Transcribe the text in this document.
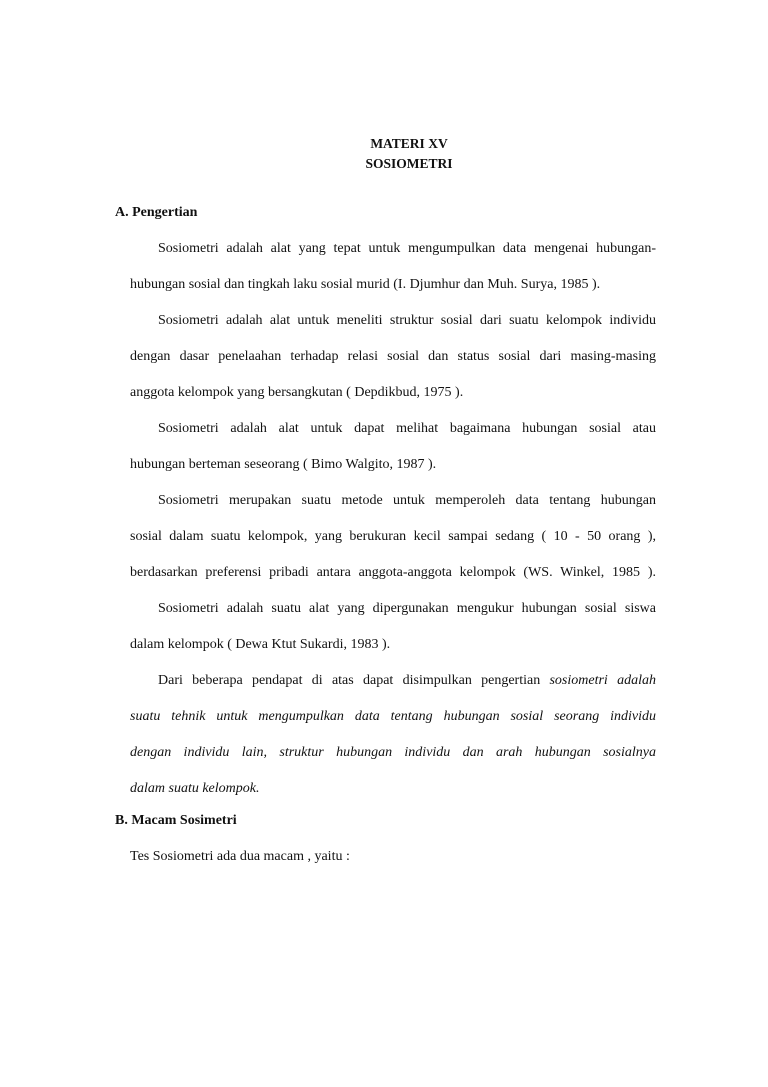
MATERI XV
SOSIOMETRI
A. Pengertian
Sosiometri adalah alat yang tepat untuk mengumpulkan data mengenai hubungan-
hubungan sosial dan tingkah laku sosial murid (I. Djumhur dan Muh. Surya, 1985 ).
Sosiometri adalah alat untuk meneliti struktur sosial dari suatu kelompok individu
dengan dasar penelaahan terhadap relasi sosial dan status sosial dari masing-masing
anggota kelompok yang bersangkutan ( Depdikbud, 1975 ).
Sosiometri adalah alat untuk dapat melihat bagaimana hubungan sosial atau
hubungan berteman seseorang ( Bimo Walgito, 1987 ).
Sosiometri merupakan suatu metode untuk memperoleh data tentang hubungan
sosial dalam suatu kelompok, yang berukuran kecil sampai sedang ( 10 - 50 orang ),
berdasarkan preferensi pribadi antara anggota-anggota kelompok (WS. Winkel, 1985 ).
Sosiometri adalah suatu alat yang dipergunakan mengukur hubungan sosial siswa
dalam kelompok ( Dewa Ktut Sukardi, 1983 ).
Dari beberapa pendapat di atas dapat disimpulkan pengertian sosiometri adalah
suatu tehnik untuk mengumpulkan data tentang hubungan sosial seorang individu
dengan individu lain, struktur hubungan individu dan arah hubungan sosialnya
dalam suatu kelompok.
B. Macam Sosimetri
Tes Sosiometri ada dua macam , yaitu :
